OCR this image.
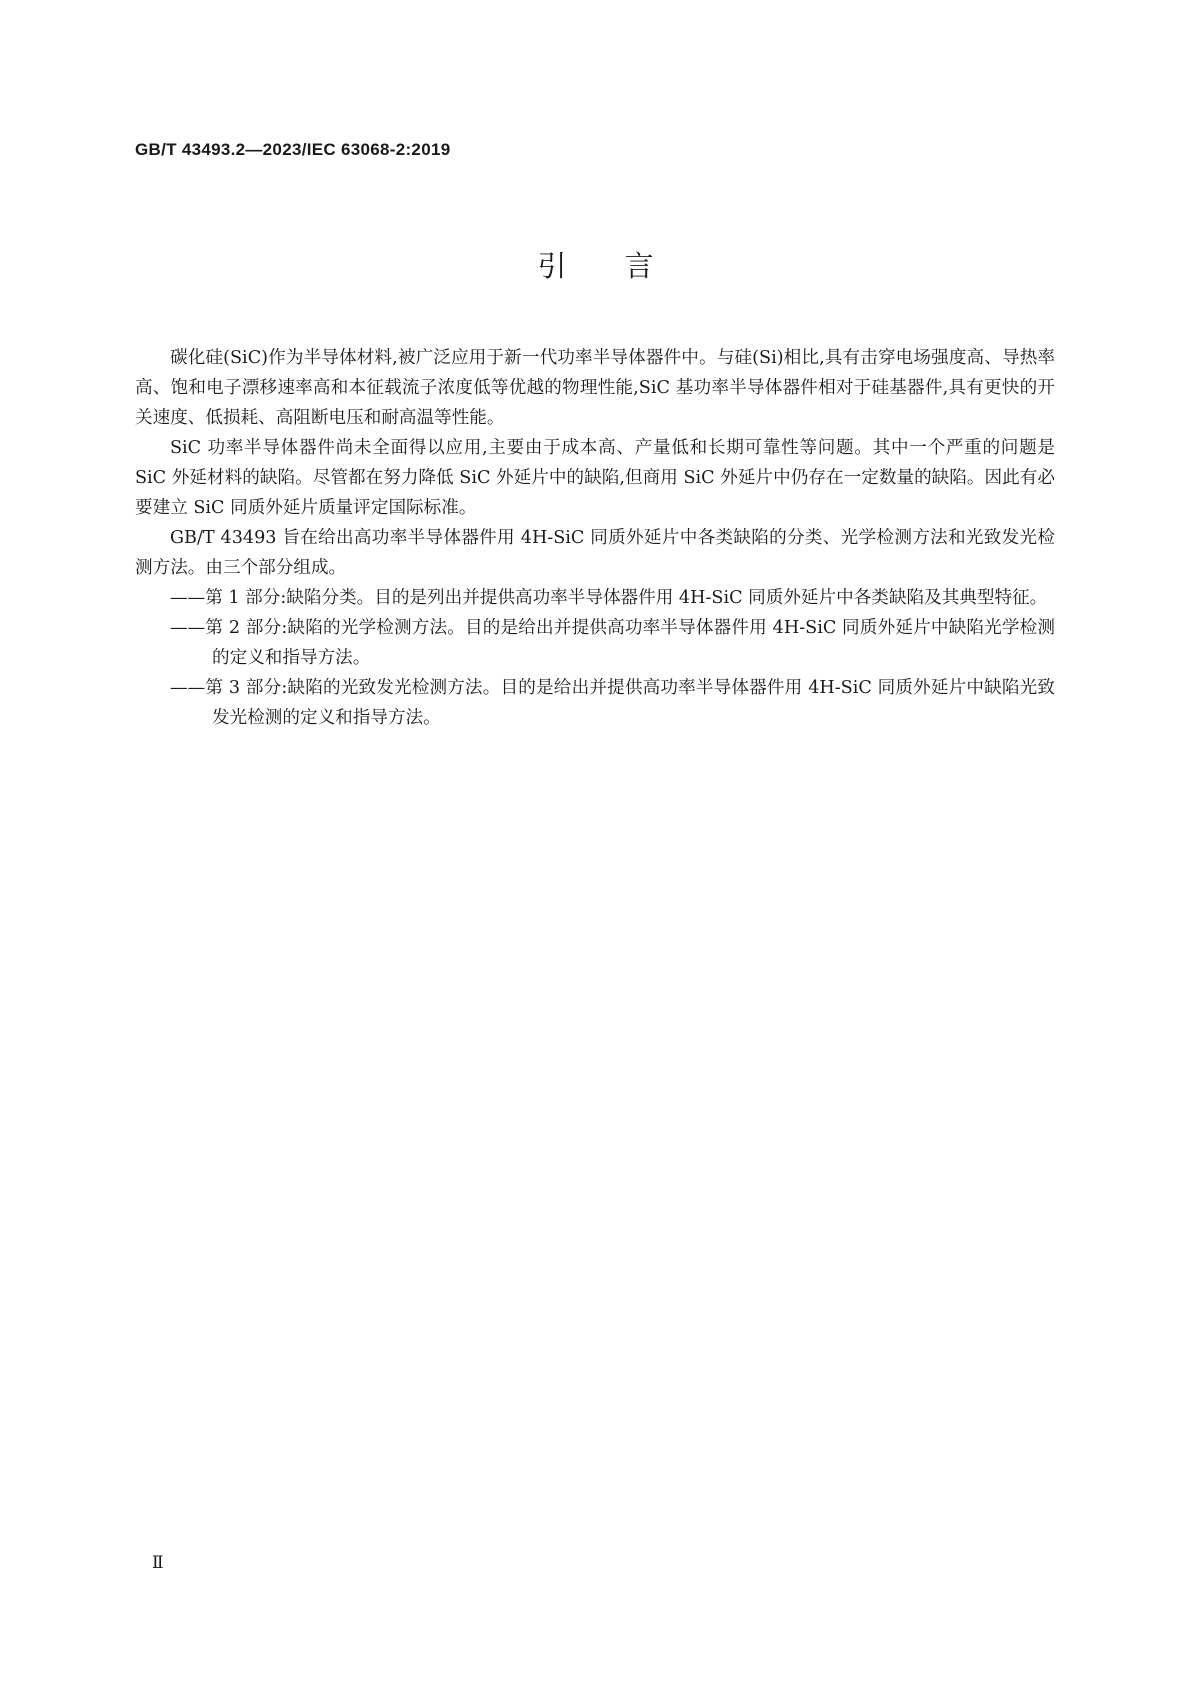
GB/T 43493.2—2023/IEC 63068-2:2019
引言

碳化硅(SiC)作为半导体材料,被广泛应用于新一代功率半导体器件中。与硅(Si)相比,具有击穿电场强度高、导热率高、饱和电子漂移速率高和本征载流子浓度低等优越的物理性能,SiC 基功率半导体器件相对于硅基器件,具有更快的开关速度、低损耗、高阻断电压和耐高温等性能。

SiC 功率半导体器件尚未全面得以应用,主要由于成本高、产量低和长期可靠性等问题。其中一个严重的问题是 SiC 外延材料的缺陷。尽管都在努力降低 SiC 外延片中的缺陷,但商用 SiC 外延片中仍存在一定数量的缺陷。因此有必要建立 SiC 同质外延片质量评定国际标准。

GB/T 43493 旨在给出高功率半导体器件用 4H-SiC 同质外延片中各类缺陷的分类、光学检测方法和光致发光检测方法。由三个部分组成。

——第 1 部分:缺陷分类。目的是列出并提供高功率半导体器件用 4H-SiC 同质外延片中各类缺陷及其典型特征。

——第 2 部分:缺陷的光学检测方法。目的是给出并提供高功率半导体器件用 4H-SiC 同质外延片中缺陷光学检测的定义和指导方法。

——第 3 部分:缺陷的光致发光检测方法。目的是给出并提供高功率半导体器件用 4H-SiC 同质外延片中缺陷光致发光检测的定义和指导方法。

Ⅱ
